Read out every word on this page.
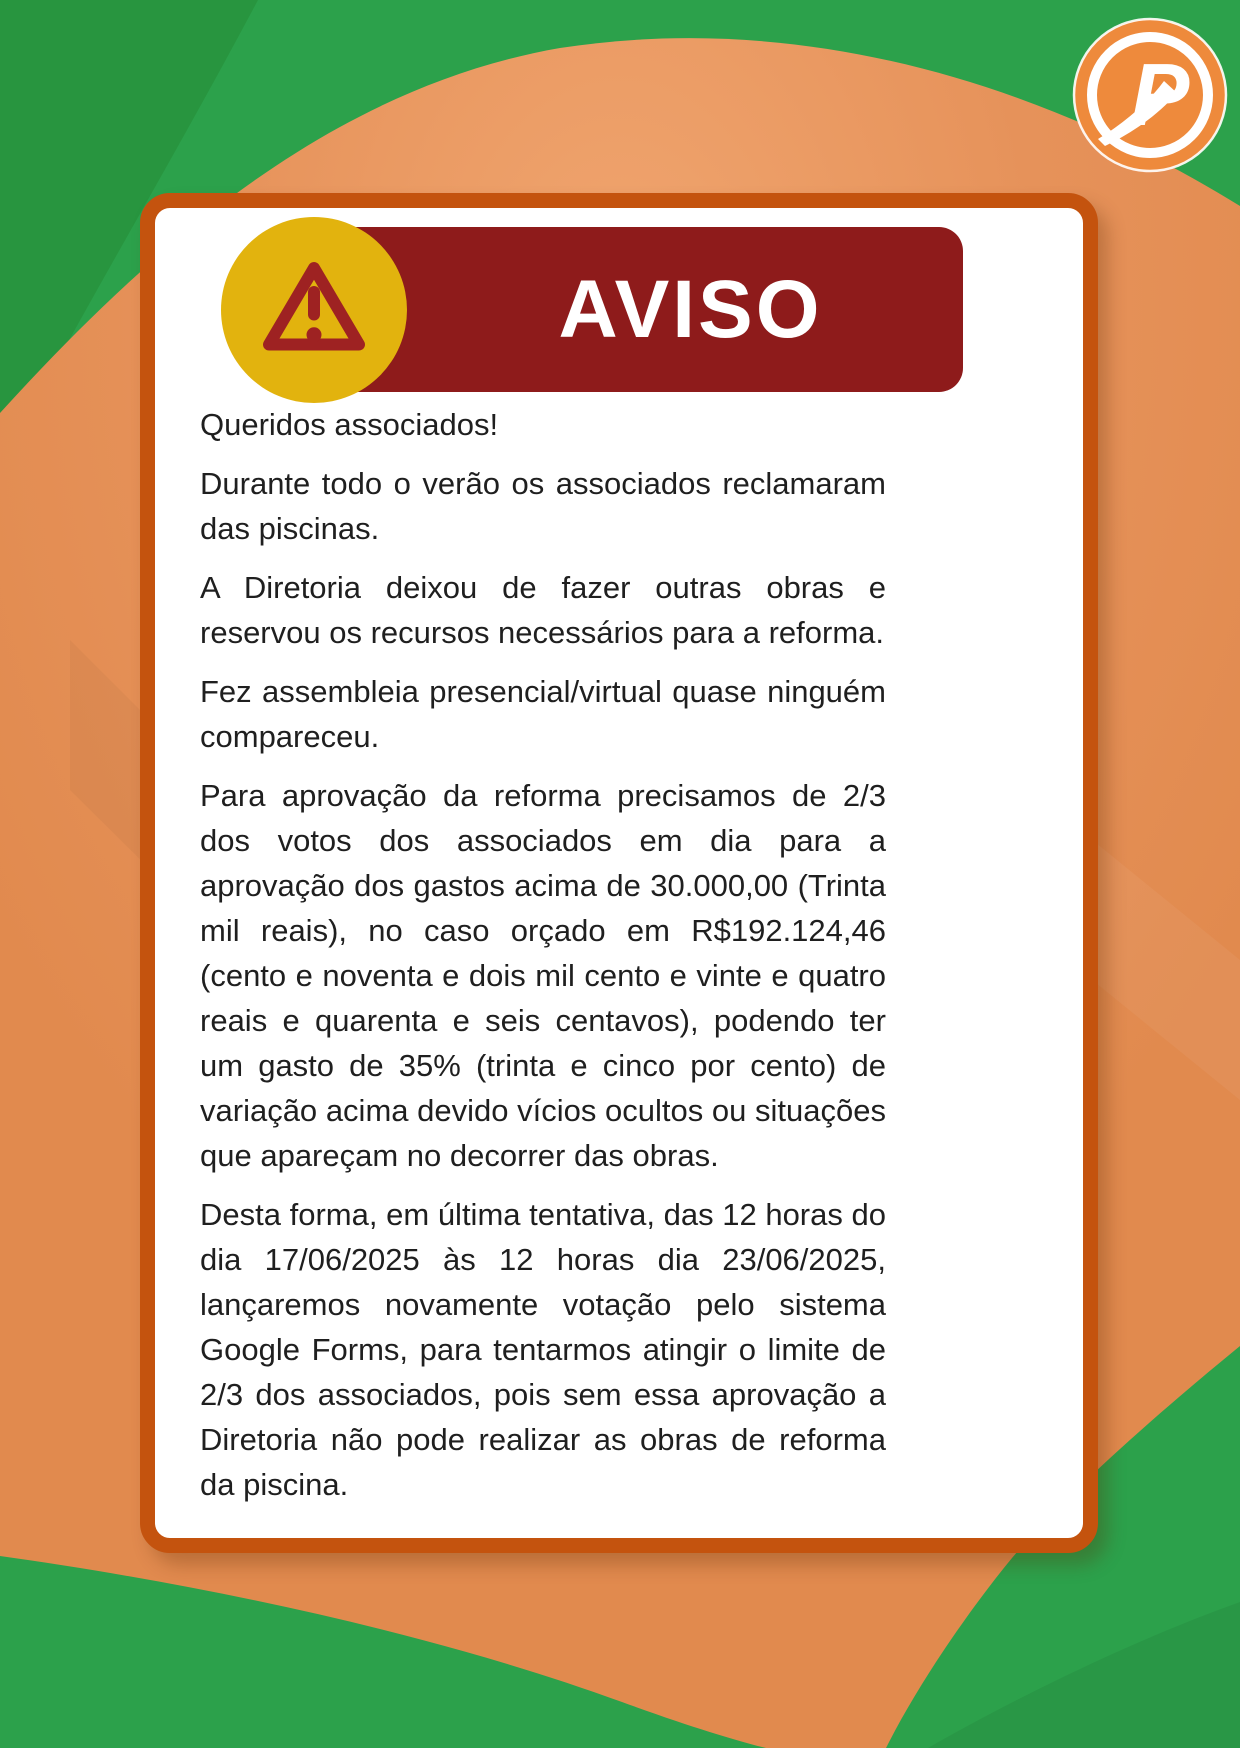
P
AVISO

Queridos associados!

Durante todo o verão os associados reclamaram das piscinas.

A Diretoria deixou de fazer outras obras e reservou os recursos necessários para a reforma.

Fez assembleia presencial/virtual quase ninguém compareceu.

Para aprovação da reforma precisamos de 2/3 dos votos dos associados em dia para a aprovação dos gastos acima de 30.000,00 (Trinta mil reais), no caso orçado em R$192.124,46 (cento e noventa e dois mil cento e vinte e quatro reais e quarenta e seis centavos), podendo ter um gasto de 35% (trinta e cinco por cento) de variação acima devido vícios ocultos ou situações que apareçam no decorrer das obras.

Desta forma, em última tentativa, das 12 horas do dia 17/06/2025 às 12 horas dia 23/06/2025, lançaremos novamente votação pelo sistema Google Forms, para tentarmos atingir o limite de 2/3 dos associados, pois sem essa aprovação a Diretoria não pode realizar as obras de reforma da piscina.
